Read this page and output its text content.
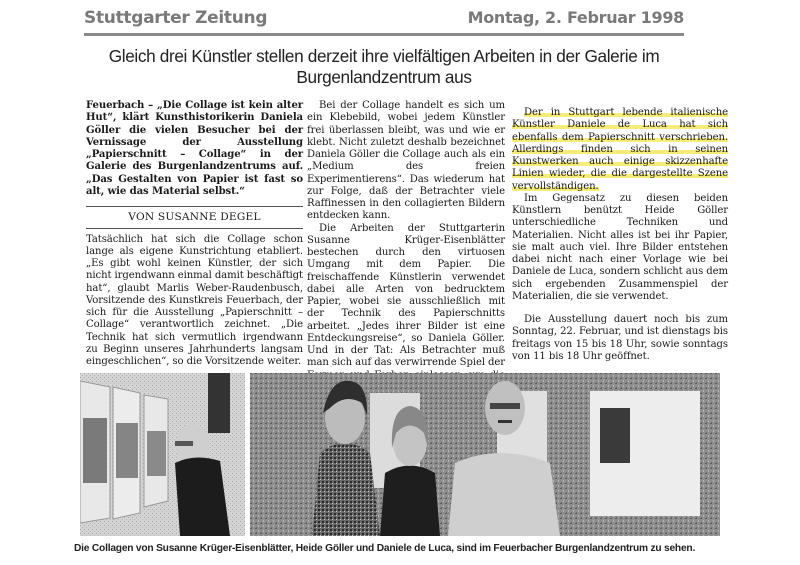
Stuttgarter Zeitung	Montag, 2. Februar 1998
Gleich drei Künstler stellen derzeit ihre vielfältigen Arbeiten in der Galerie im
Burgenlandzentrum aus

Feuerbach – „Die Collage ist kein alter Hut“, klärt Kunsthistorikerin Daniela Göller die vielen Besucher bei der Vernissage der Ausstellung „Papierschnitt – Collage“ in der Galerie des Burgenlandzentrums auf. „Das Gestalten von Papier ist fast so alt, wie das Material selbst.“

VON SUSANNE DEGEL

Tatsächlich hat sich die Collage schon lange als eigene Kunstrichtung etabliert. „Es gibt wohl keinen Künstler, der sich nicht irgendwann einmal damit beschäftigt hat“, glaubt Marlis Weber-Raudenbusch, Vorsitzende des Kunstkreis Feuerbach, der sich für die Ausstellung „Papierschnitt – Collage“ verantwortlich zeichnet. „Die Technik hat sich vermutlich irgendwann zu Beginn unseres Jahrhunderts langsam eingeschlichen“, so die Vorsitzende weiter.

Bei der Collage handelt es sich um ein Klebebild, wobei jedem Künstler frei überlassen bleibt, was und wie er klebt. Nicht zuletzt deshalb bezeichnet Daniela Göller die Collage auch als ein „Medium des freien Experimentierens“. Das wiederum hat zur Folge, daß der Betrachter viele Raffinessen in den collagierten Bildern entdecken kann.

Die Arbeiten der Stuttgarterin Susanne Krüger-Eisenblätter bestechen durch den virtuosen Umgang mit dem Papier. Die freischaffende Künstlerin verwendet dabei alle Arten von bedrucktem Papier, wobei sie ausschließlich mit der Technik des Papierschnitts arbeitet. „Jedes ihrer Bilder ist eine Entdeckungsreise“, so Daniela Göller. Und in der Tat: Als Betrachter muß man sich auf das verwirrende Spiel der

Der in Stuttgart lebende italienische Künstler Daniele de Luca hat sich ebenfalls dem Papierschnitt verschrieben. Allerdings finden sich in seinen Kunstwerken auch einige skizzenhafte Linien wieder, die die dargestellte Szene vervollständigen.

Im Gegensatz zu diesen beiden Künstlern benützt Heide Göller unterschiedliche Techniken und Materialien. Nicht alles ist bei ihr Papier, sie malt auch viel. Ihre Bilder entstehen dabei nicht nach einer Vorlage wie bei Daniele de Luca, sondern schlicht aus dem sich ergebenden Zusammenspiel der Materialien, die sie verwendet.

Die Ausstellung dauert noch bis zum Sonntag, 22. Februar, und ist dienstags bis freitags von 15 bis 18 Uhr, sowie sonntags von 11 bis 18 Uhr geöffnet.

Die Collagen von Susanne Krüger-Eisenblätter, Heide Göller und Daniele de Luca, sind im Feuerbacher Burgenlandzentrum zu sehen.
